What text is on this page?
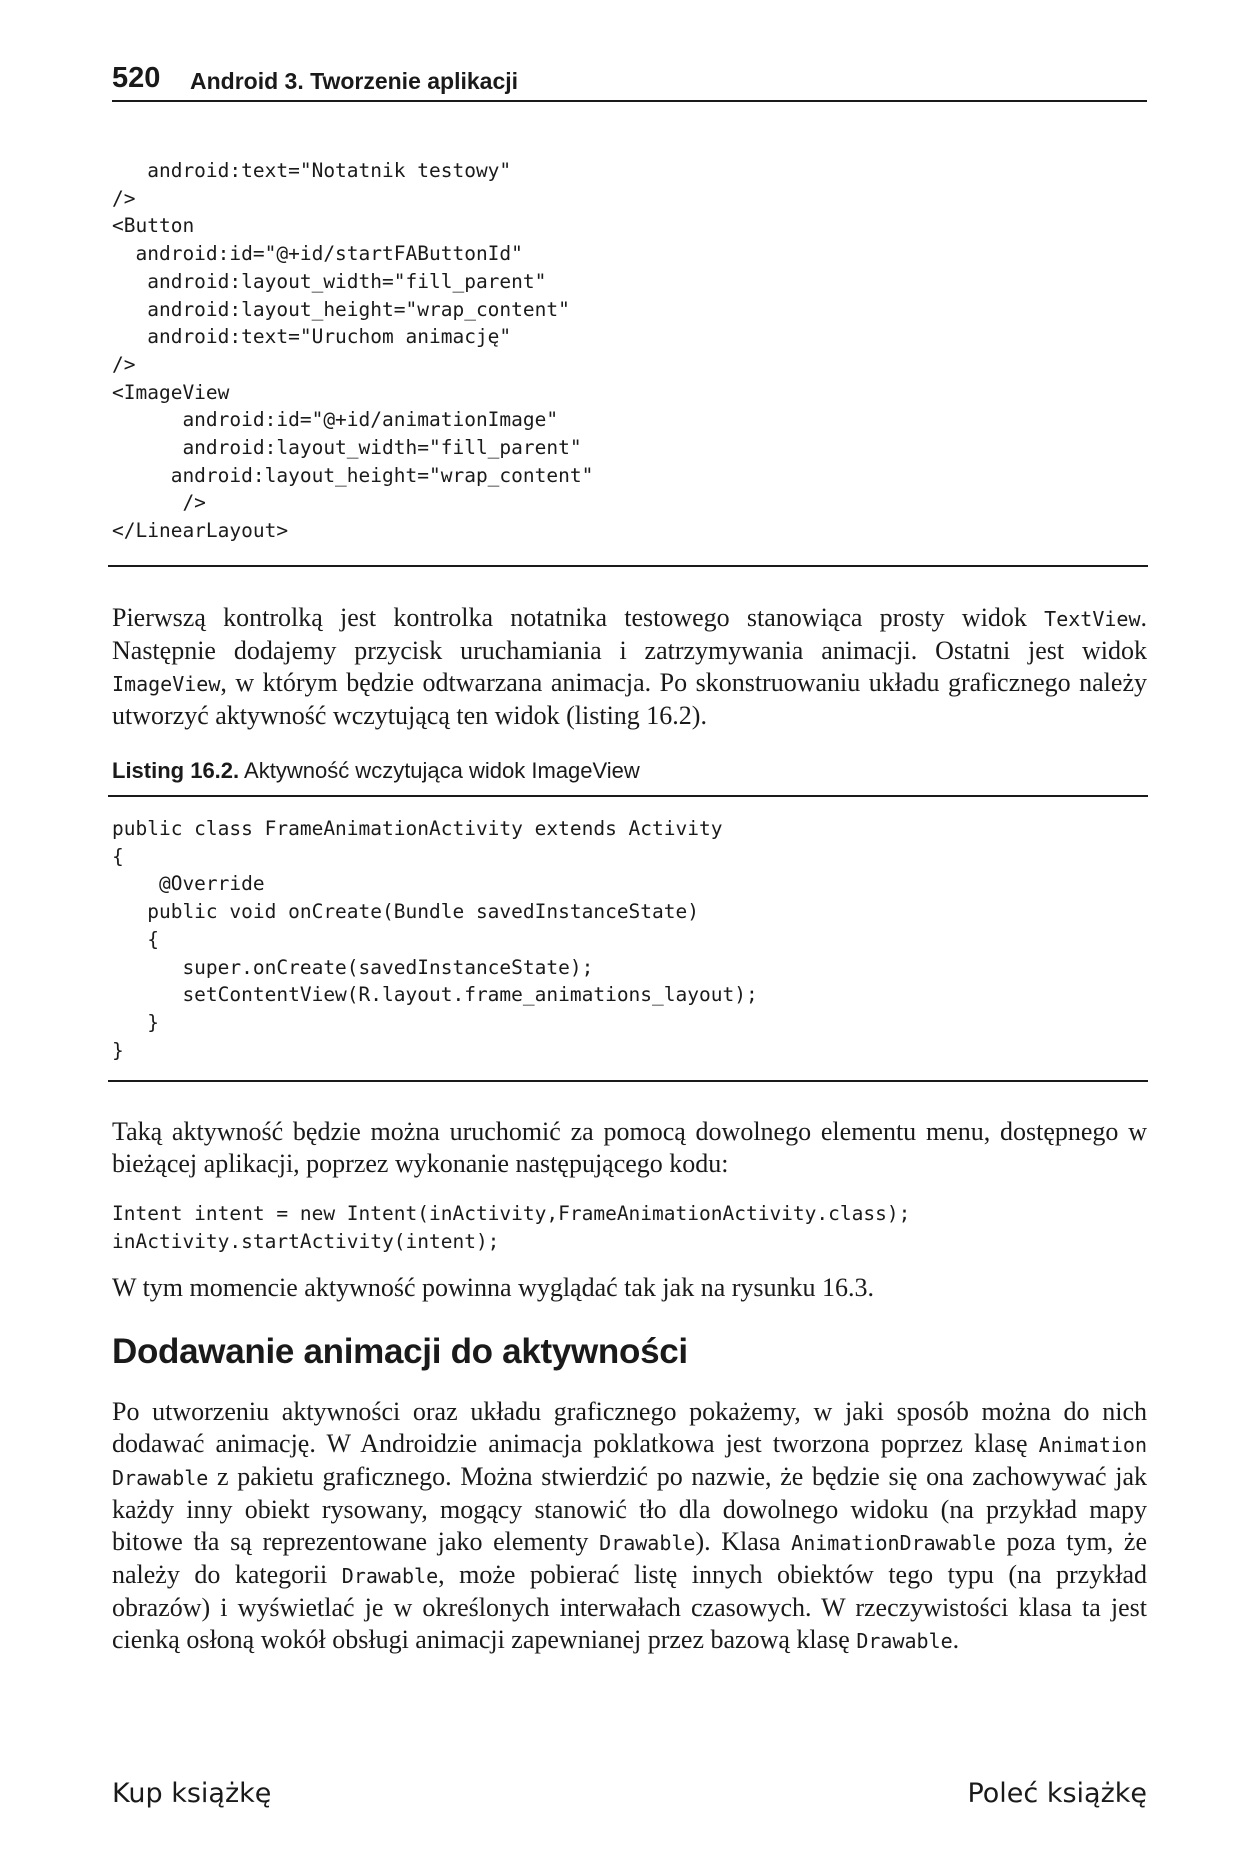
520 Android 3. Tworzenie aplikacji
android:text="Notatnik testowy"
/>
<Button
android:id="@+id/startFAButtonId"
android:layout_width="fill_parent"
android:layout_height="wrap_content"
android:text="Uruchom animację"
/>
<ImageView
android:id="@+id/animationImage"
android:layout_width="fill_parent"
android:layout_height="wrap_content"
/>
</LinearLayout>

Pierwszą kontrolką jest kontrolka notatnika testowego stanowiąca prosty widok TextView. Następnie dodajemy przycisk uruchamiania i zatrzymywania animacji. Ostatni jest widok ImageView, w którym będzie odtwarzana animacja. Po skonstruowaniu układu graficznego należy utworzyć aktywność wczytującą ten widok (listing 16.2).

Listing 16.2. Aktywność wczytująca widok ImageView
public class FrameAnimationActivity extends Activity
{
@Override
public void onCreate(Bundle savedInstanceState)
{
super.onCreate(savedInstanceState);
setContentView(R.layout.frame_animations_layout);
}
}

Taką aktywność będzie można uruchomić za pomocą dowolnego elementu menu, dostępnego w bieżącej aplikacji, poprzez wykonanie następującego kodu:

Intent intent = new Intent(inActivity,FrameAnimationActivity.class);
inActivity.startActivity(intent);

W tym momencie aktywność powinna wyglądać tak jak na rysunku 16.3.

Dodawanie animacji do aktywności

Po utworzeniu aktywności oraz układu graficznego pokażemy, w jaki sposób można do nich dodawać animację. W Androidzie animacja poklatkowa jest tworzona poprzez klasę Animation Drawable z pakietu graficznego. Można stwierdzić po nazwie, że będzie się ona zachowywać jak każdy inny obiekt rysowany, mogący stanowić tło dla dowolnego widoku (na przykład mapy bitowe tła są reprezentowane jako elementy Drawable). Klasa AnimationDrawable poza tym, że należy do kategorii Drawable, może pobierać listę innych obiektów tego typu (na przykład obrazów) i wyświetlać je w określonych interwałach czasowych. W rzeczywistości klasa ta jest cienką osłoną wokół obsługi animacji zapewnianej przez bazową klasę Drawable.

Kup książkę	Poleć książkę
